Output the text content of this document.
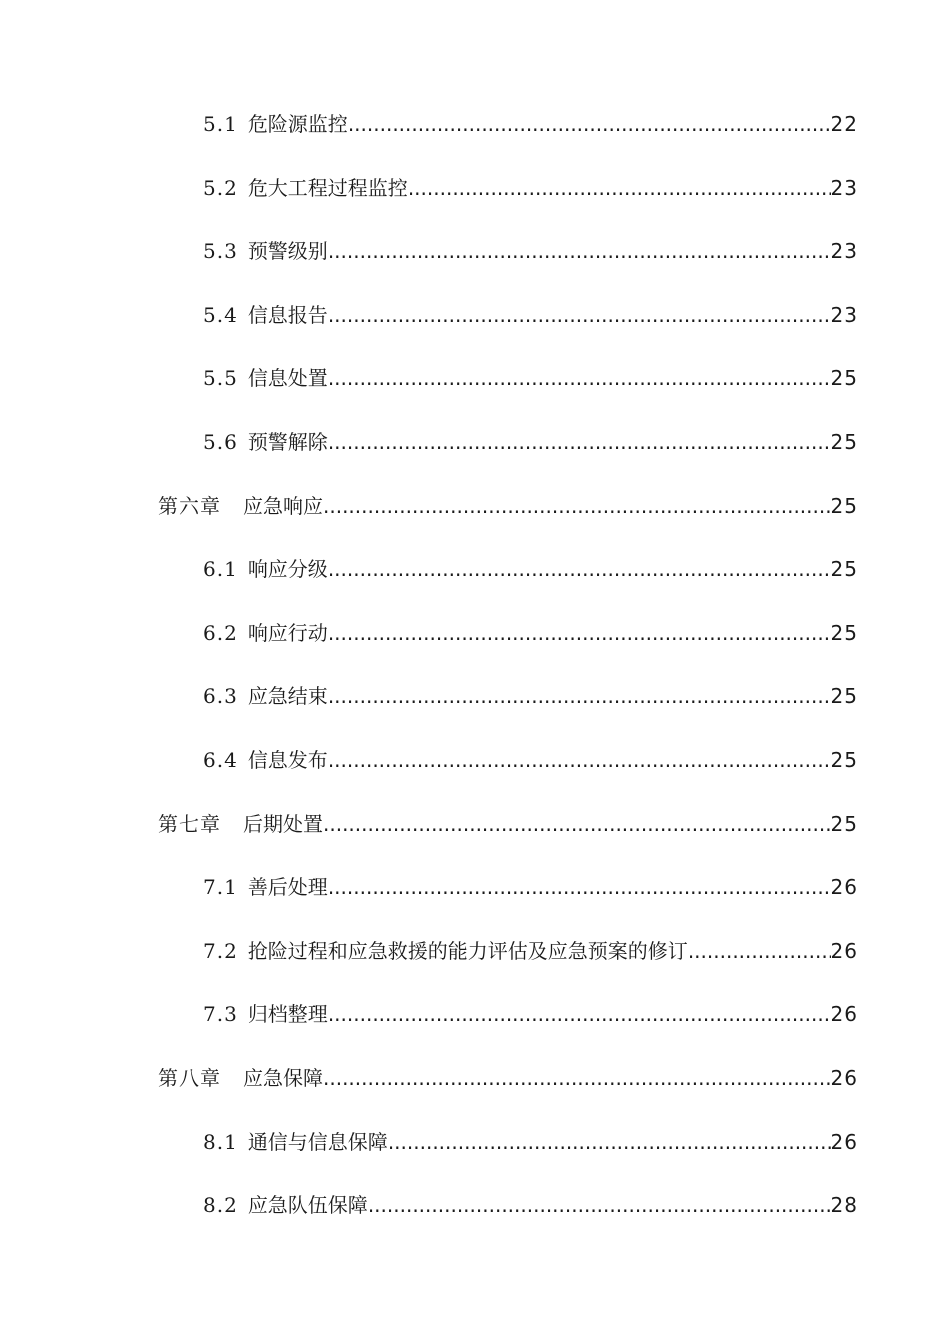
5.1 危险源监控 .....	22
5.2 危大工程过程监控 .....	23
5.3 预警级别 .....	23
5.4 信息报告 .....	23
5.5 信息处置 .....	25
5.6 预警解除 .....	25
第六章 应急响应 .....	25
6.1 响应分级 .....	25
6.2 响应行动 .....	25
6.3 应急结束 .....	25
6.4 信息发布 .....	25
第七章 后期处置 .....	25
7.1 善后处理 .....	26
7.2 抢险过程和应急救援的能力评估及应急预案的修订 .....	26
7.3 归档整理 .....	26
第八章 应急保障 .....	26
8.1 通信与信息保障 .....	26
8.2 应急队伍保障 .....	28
